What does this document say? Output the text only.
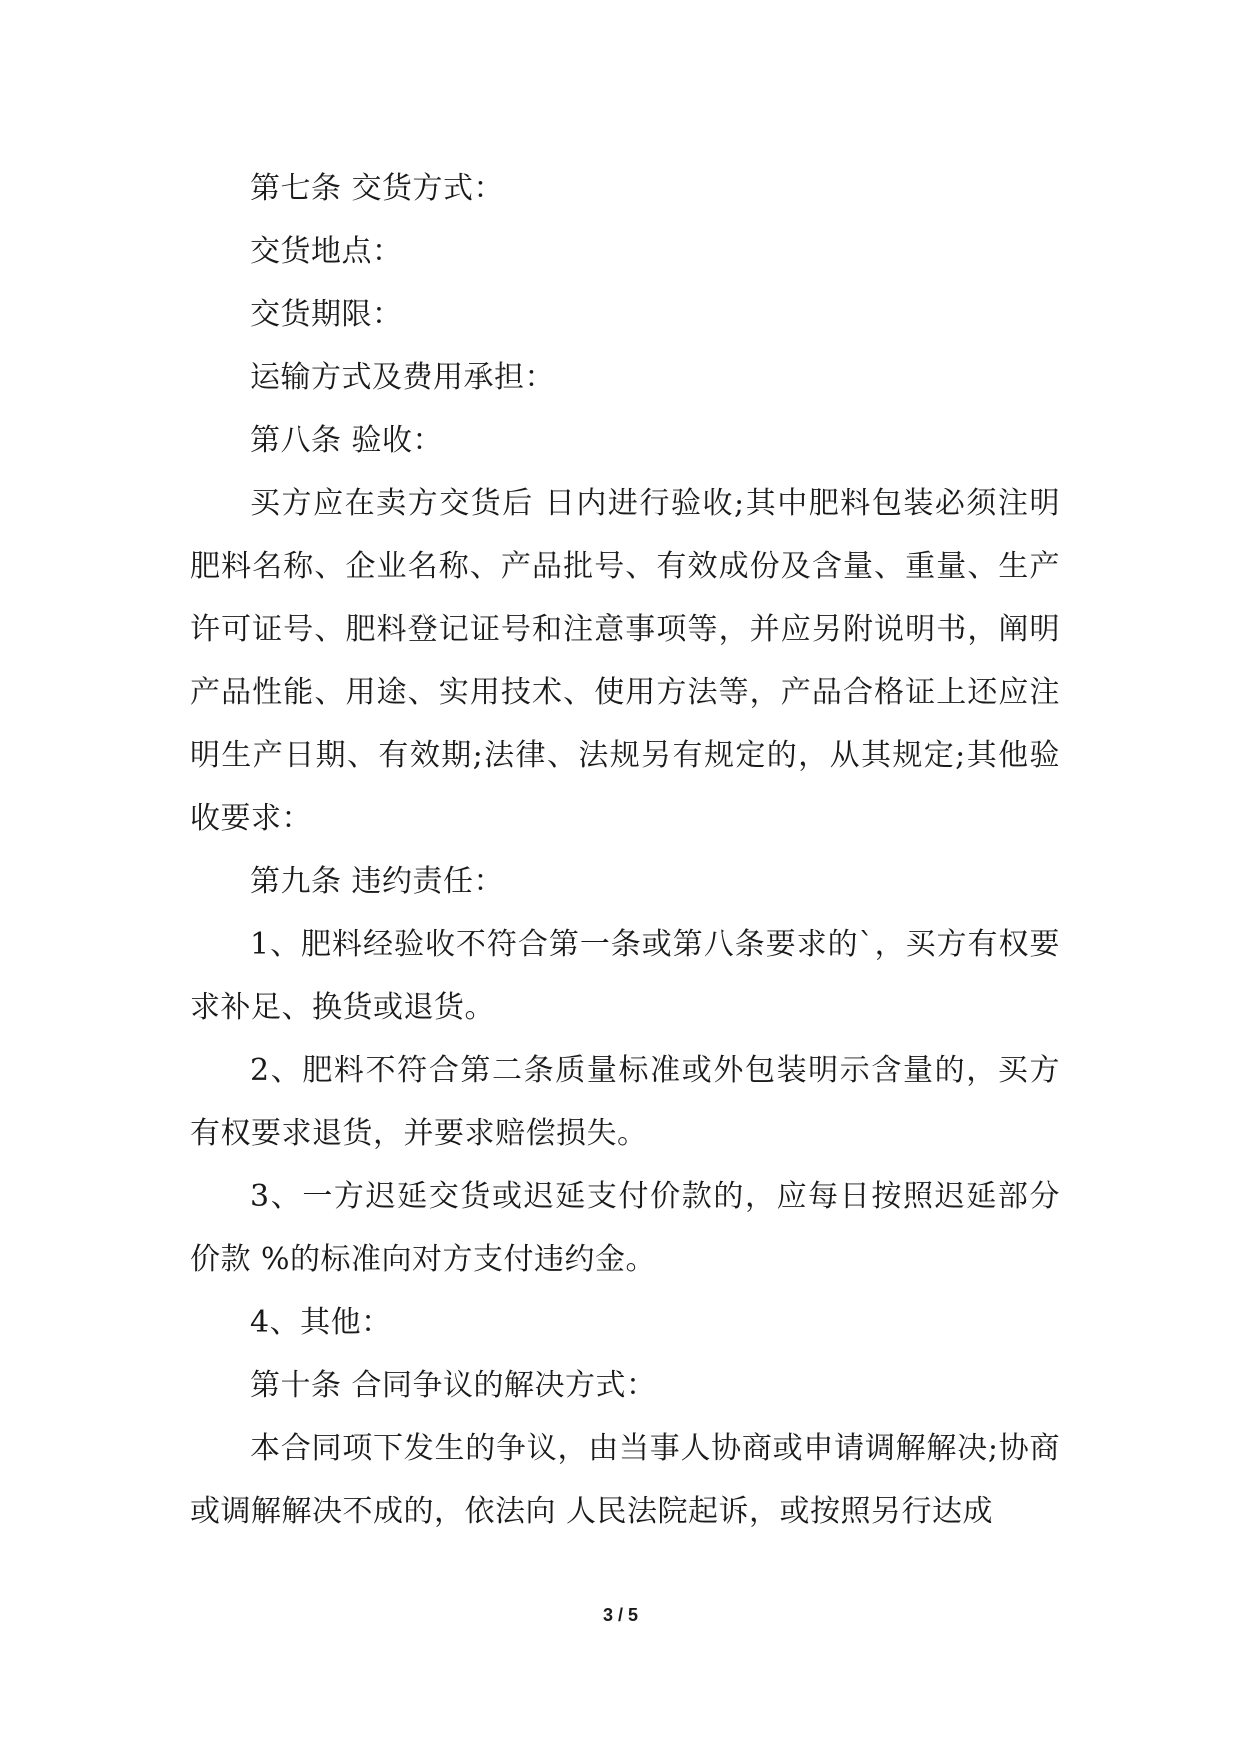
第七条 交货方式：

交货地点：

交货期限：

运输方式及费用承担：

第八条 验收：

买方应在卖方交货后 日内进行验收;其中肥料包装必须注明肥料名称、企业名称、产品批号、有效成份及含量、重量、生产许可证号、肥料登记证号和注意事项等，并应另附说明书，阐明产品性能、用途、实用技术、使用方法等，产品合格证上还应注明生产日期、有效期;法律、法规另有规定的，从其规定;其他验收要求：

第九条 违约责任：

1、肥料经验收不符合第一条或第八条要求的`，买方有权要求补足、换货或退货。

2、肥料不符合第二条质量标准或外包装明示含量的，买方有权要求退货，并要求赔偿损失。

3、一方迟延交货或迟延支付价款的，应每日按照迟延部分价款 %的标准向对方支付违约金。

4、其他：

第十条 合同争议的解决方式：

本合同项下发生的争议，由当事人协商或申请调解解决;协商或调解解决不成的，依法向 人民法院起诉，或按照另行达成

3 / 5
